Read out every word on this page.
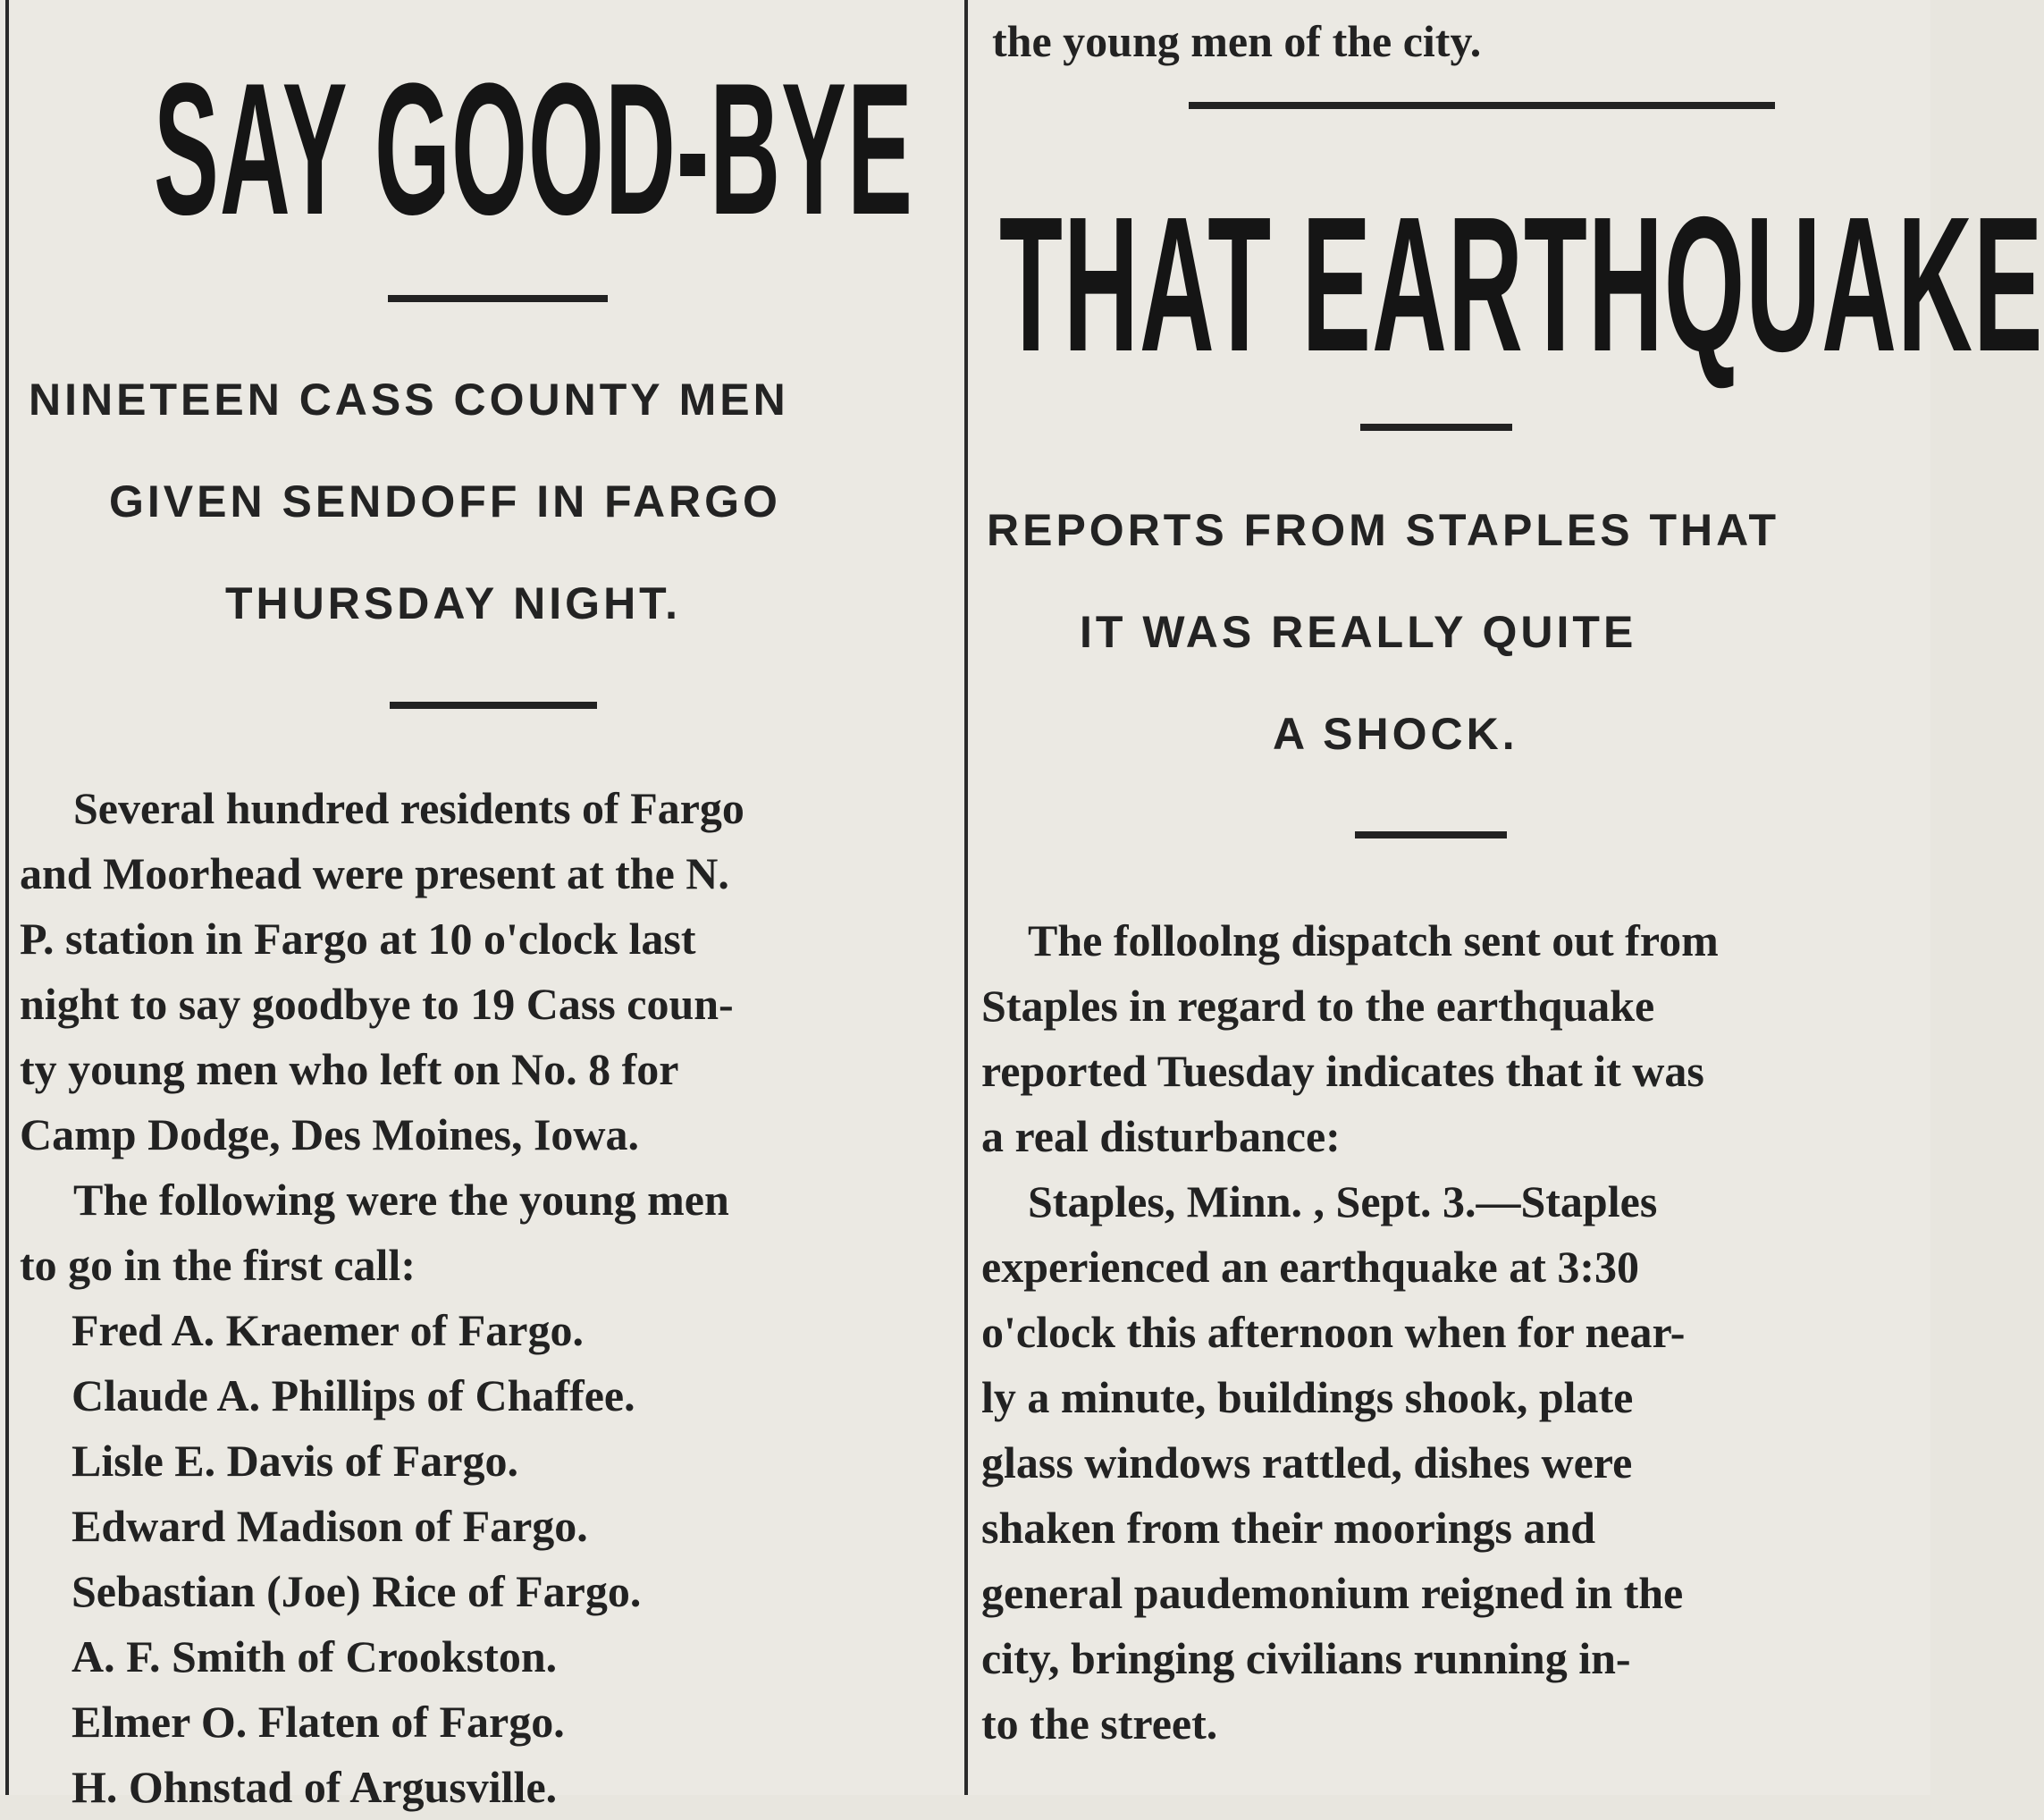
SAY GOOD-BYE
NINETEEN CASS COUNTY MEN
GIVEN SENDOFF IN FARGO
THURSDAY NIGHT.

Several hundred residents of Fargo
and Moorhead were present at the N.
P. station in Fargo at 10 o'clock last
night to say goodbye to 19 Cass coun-
ty young men who left on No. 8 for
Camp Dodge, Des Moines, Iowa.

The following were the young men
to go in the first call:

Fred A. Kraemer of Fargo.
Claude A. Phillips of Chaffee.
Lisle E. Davis of Fargo.
Edward Madison of Fargo.
Sebastian (Joe) Rice of Fargo.
A. F. Smith of Crookston.
Elmer O. Flaten of Fargo.
H. Ohnstad of Argusville.

the young men of the city.

THAT EARTHQUAKE
REPORTS FROM STAPLES THAT
IT WAS REALLY QUITE
A SHOCK.

The folloolng dispatch sent out from
Staples in regard to the earthquake
reported Tuesday indicates that it was
a real disturbance:

Staples, Minn. , Sept. 3.—Staples
experienced an earthquake at 3:30
o'clock this afternoon when for near-
ly a minute, buildings shook, plate
glass windows rattled, dishes were
shaken from their moorings and
general paudemonium reigned in the
city, bringing civilians running in-
to the street.
